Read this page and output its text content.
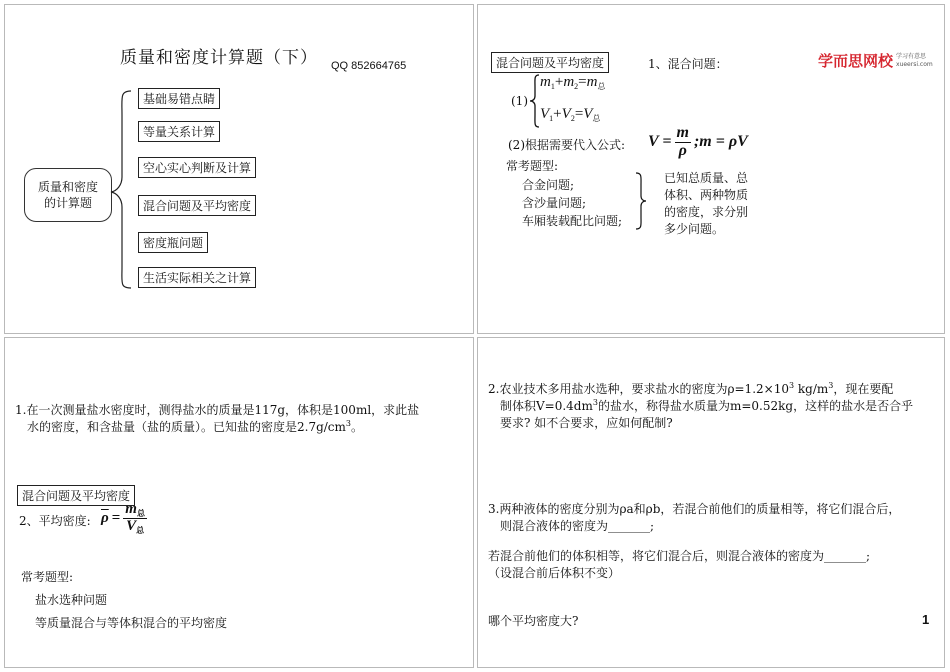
质量和密度计算题（下） QQ 852664765
质量和密度
的计算题
基础易错点睛
等量关系计算
空心实心判断及计算
混合问题及平均密度
密度瓶问题
生活实际相关之计算
混合问题及平均密度	1、混合问题：	学而思网校 学习有意思
xueersi.com
(1)
$m_1+m_2=m_总$
$V_1+V_2=V_总$
(2)根据需要代入公式: $V = \frac{m}{\rho}$ ;m = ρV
常考题型:
合金问题;
含沙量问题;
车厢装载配比问题;
已知总质量、总
体积、两种物质
的密度，求分别
多少问题。
1.在一次测量盐水密度时，测得盐水的质量是117g，体积是100ml，求此盐
水的密度，和含盐量（盐的质量）。已知盐的密度是$2.7g/cm^3$。
混合问题及平均密度
2、平均密度: $\overline{\rho} = \frac{m_总}{V_总}$
常考题型:
盐水选种问题
等质量混合与等体积混合的平均密度
2.农业技术多用盐水选种，要求盐水的密度为$\rho=1.2\times 10^3$ $kg/m^3$，现在要配
制体积$V=0.4dm^3$的盐水，称得盐水质量为m=0.52kg，这样的盐水是否合乎
要求? 如不合要求，应如何配制?
3.两种液体的密度分别为ρa和ρb，若混合前他们的质量相等，将它们混合后，
则混合液体的密度为_______;
若混合前他们的体积相等，将它们混合后，则混合液体的密度为_______;
（设混合前后体积不变）
哪个平均密度大?	1
